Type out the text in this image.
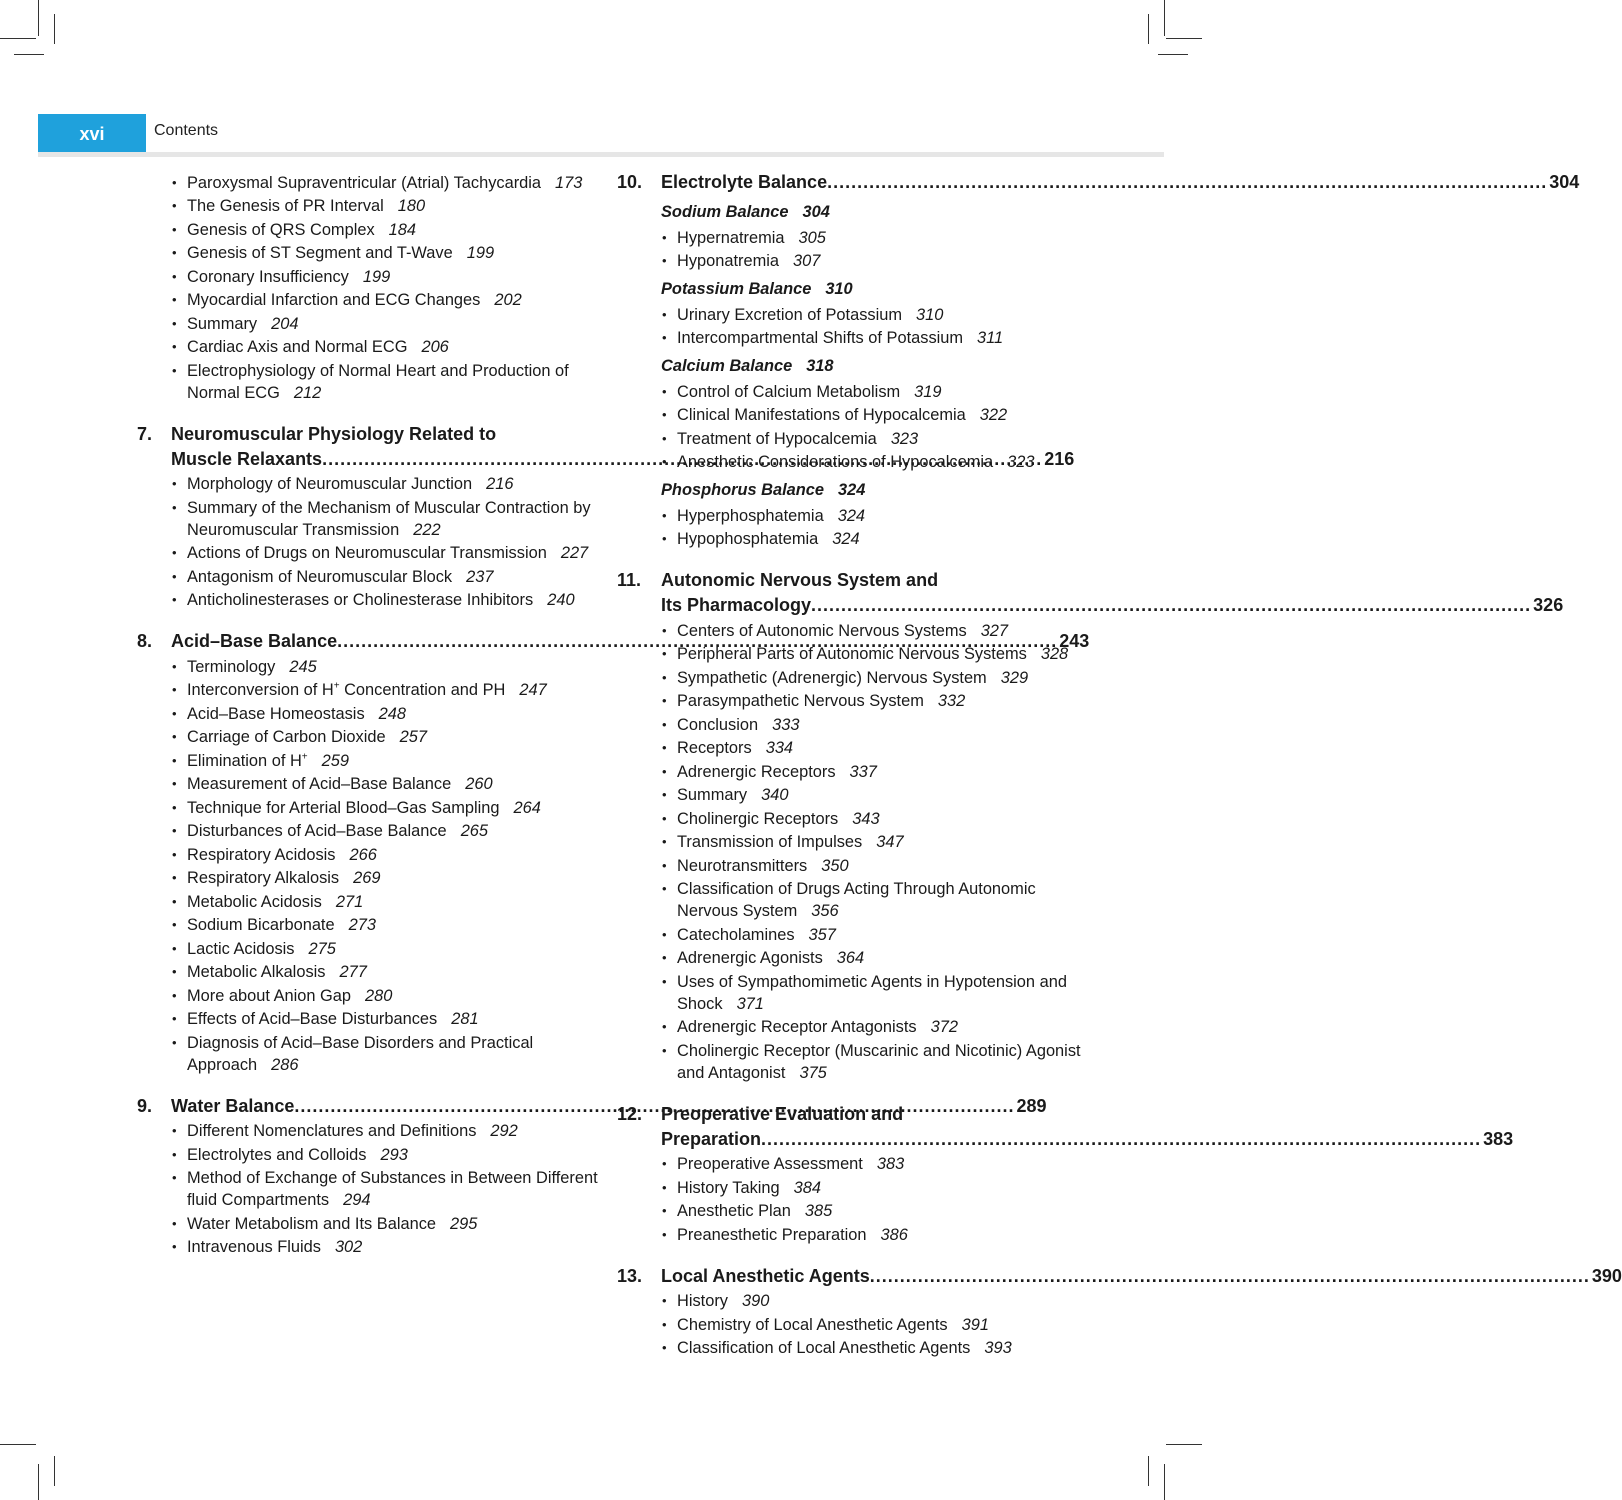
xvi	Contents
• Paroxysmal Supraventricular (Atrial) Tachycardia 173
• The Genesis of PR Interval 180
• Genesis of QRS Complex 184
• Genesis of ST Segment and T-Wave 199
• Coronary Insufficiency 199
• Myocardial Infarction and ECG Changes 202
• Summary 204
• Cardiac Axis and Normal ECG 206
• Electrophysiology of Normal Heart and Production of Normal ECG 212
7.	Neuromuscular Physiology Related to
Muscle Relaxants .....	216
• Morphology of Neuromuscular Junction 216
• Summary of the Mechanism of Muscular Contraction by Neuromuscular Transmission 222
• Actions of Drugs on Neuromuscular Transmission 227
• Antagonism of Neuromuscular Block 237
• Anticholinesterases or Cholinesterase Inhibitors 240
8.	Acid–Base Balance .....	243
• Terminology 245
• Interconversion of H+ Concentration and PH 247
• Acid–Base Homeostasis 248
• Carriage of Carbon Dioxide 257
• Elimination of H+ 259
• Measurement of Acid–Base Balance 260
• Technique for Arterial Blood–Gas Sampling 264
• Disturbances of Acid–Base Balance 265
• Respiratory Acidosis 266
• Respiratory Alkalosis 269
• Metabolic Acidosis 271
• Sodium Bicarbonate 273
• Lactic Acidosis 275
• Metabolic Alkalosis 277
• More about Anion Gap 280
• Effects of Acid–Base Disturbances 281
• Diagnosis of Acid–Base Disorders and Practical Approach 286
9.	Water Balance .....	289
• Different Nomenclatures and Definitions 292
• Electrolytes and Colloids 293
• Method of Exchange of Substances in Between Different fluid Compartments 294
• Water Metabolism and Its Balance 295
• Intravenous Fluids 302
10.	Electrolyte Balance .....	304
Sodium Balance 304
• Hypernatremia 305
• Hyponatremia 307
Potassium Balance 310
• Urinary Excretion of Potassium 310
• Intercompartmental Shifts of Potassium 311
Calcium Balance 318
• Control of Calcium Metabolism 319
• Clinical Manifestations of Hypocalcemia 322
• Treatment of Hypocalcemia 323
• Anesthetic Considerations of Hypocalcemia 323
Phosphorus Balance 324
• Hyperphosphatemia 324
• Hypophosphatemia 324
11.	Autonomic Nervous System and
Its Pharmacology .....	326
• Centers of Autonomic Nervous Systems 327
• Peripheral Parts of Autonomic Nervous Systems 328
• Sympathetic (Adrenergic) Nervous System 329
• Parasympathetic Nervous System 332
• Conclusion 333
• Receptors 334
• Adrenergic Receptors 337
• Summary 340
• Cholinergic Receptors 343
• Transmission of Impulses 347
• Neurotransmitters 350
• Classification of Drugs Acting Through Autonomic Nervous System 356
• Catecholamines 357
• Adrenergic Agonists 364
• Uses of Sympathomimetic Agents in Hypotension and Shock 371
• Adrenergic Receptor Antagonists 372
• Cholinergic Receptor (Muscarinic and Nicotinic) Agonist and Antagonist 375
12.	Preoperative Evaluation and
Preparation .....	383
• Preoperative Assessment 383
• History Taking 384
• Anesthetic Plan 385
• Preanesthetic Preparation 386
13.	Local Anesthetic Agents .....	390
• History 390
• Chemistry of Local Anesthetic Agents 391
• Classification of Local Anesthetic Agents 393
